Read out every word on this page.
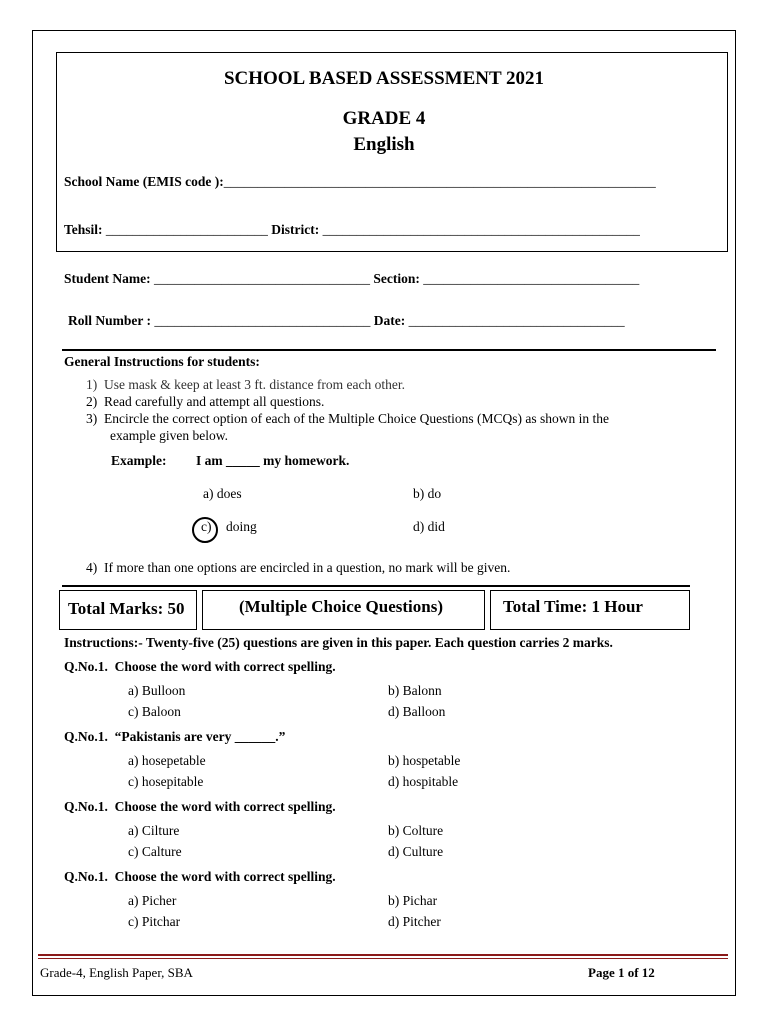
SCHOOL BASED ASSESSMENT 2021
GRADE 4
English
School Name (EMIS code ):________________________________________________________________
Tehsil: ________________________ District: _______________________________________________
Student Name: ________________________________ Section: ________________________________
Roll Number : ________________________________ Date: ________________________________
General Instructions for students:
1) Use mask & keep at least 3 ft. distance from each other.
2) Read carefully and attempt all questions.
3) Encircle the correct option of each of the Multiple Choice Questions (MCQs) as shown in the
example given below.
Example: I am _____ my homework.
a) does	b) do
c) doing	d) did
4) If more than one options are encircled in a question, no mark will be given.
Total Marks: 50	(Multiple Choice Questions)	Total Time: 1 Hour
Instructions:- Twenty-five (25) questions are given in this paper. Each question carries 2 marks.
Q.No.1. Choose the word with correct spelling.
a) Bulloon	b) Balonn
c) Baloon	d) Balloon
Q.No.1. “Pakistanis are very ______.”
a) hosepetable	b) hospetable
c) hosepitable	d) hospitable
Q.No.1. Choose the word with correct spelling.
a) Cilture	b) Colture
c) Calture	d) Culture
Q.No.1. Choose the word with correct spelling.
a) Picher	b) Pichar
c) Pitchar	d) Pitcher
Grade-4, English Paper, SBA	Page 1 of 12
